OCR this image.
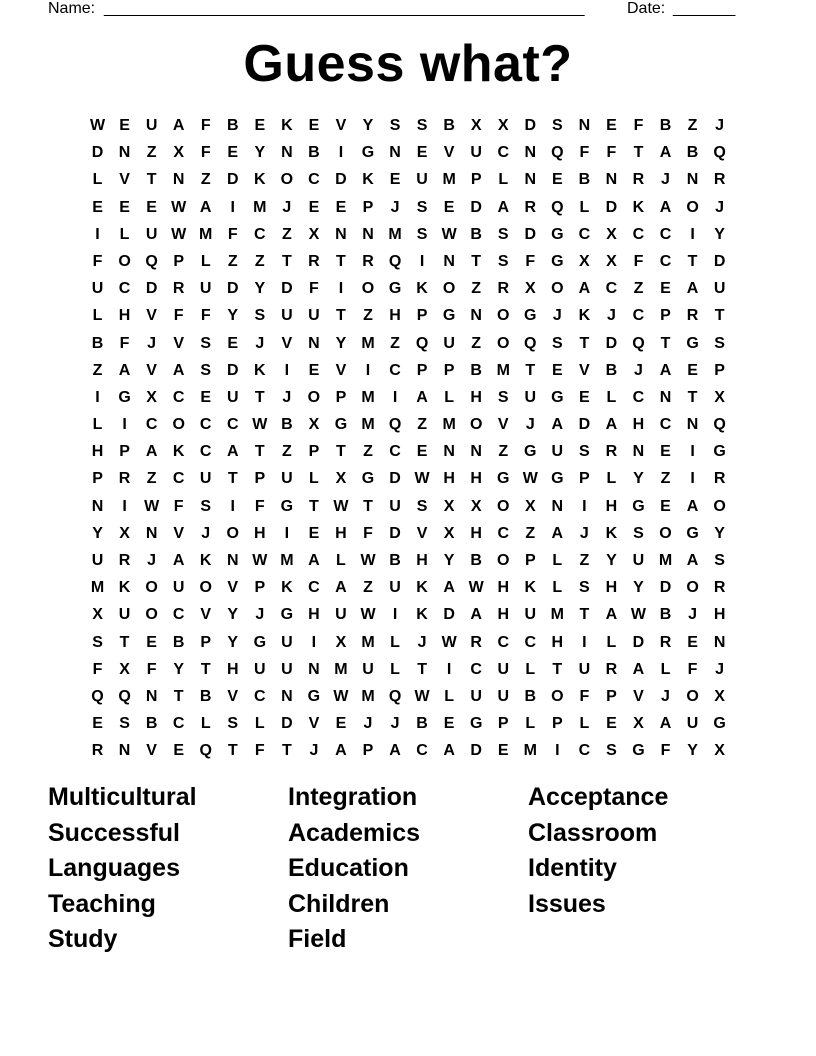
Name: ______________________________________________________	Date: _______
Guess what?
W E U A	F	B E K E	V	Y	S	S B X	X D S N E	F	B	Z	J
D N	Z	X	F	E	Y N B	I	G N E	V U C N Q F	F	T	A B Q
L	V	T	N	Z	D K O C D K E U M P	L	N E B N R	J	N R
E	E	E W A	I	M J	E	E	P	J	S	E D A R Q L	D K A O	J
I	L	U W M F	C	Z	X N N M S W B S D G C X C C	I	Y
F O Q P	L	Z	Z	T	R	T	R Q	I	N	T	S	F G X	X	F	C	T	D
U C D R U D Y D	F	I	O G K O Z	R X O A C	Z	E A U
L	H V	F	F	Y	S U U	T	Z	H P G N O G	J	K	J	C P R	T
B	F	J	V	S	E	J	V N Y M Z Q U	Z O Q S	T	D Q T G S
Z	A V A S D K	I	E	V	I	C P	P B M T	E	V B	J	A E	P
I	G X C E U	T	J	O P M	I	A	L	H S U G E	L	C N	T	X
L	I	C O C C W B X G M Q Z M O V	J	A D A H C N Q
H P A K C A	T	Z	P	T	Z	C E N N	Z G U S R N E	I	G
P R	Z	C U	T	P U	L	X G D W H H G W G P	L	Y	Z	I	R
N	I	W F	S	I	F G T W T	U S	X	X O X N	I	H G E A O
Y	X N V	J	O H	I	E H	F	D V	X H C	Z	A	J	K S O G Y
U R	J	A K N W M A	L W B H Y B O P	L	Z	Y U M A S
M K O U O V	P K C A	Z	U K A W H K	L	S H Y D O R
X U O C V	Y	J	G H U W	I	K D A H U M T	A W B	J	H
S	T	E B P	Y G U	I	X M L	J W R C C H	I	L	D R E N
F	X	F	Y	T	H U U N M U	L	T	I	C U	L	T	U R A	L	F	J
Q Q N	T	B V C N G W M Q W L	U U B O F	P	V	J	O X
E	S B C	L	S	L	D V	E	J	J	B E G P	L	P	L	E	X A U G
R N V	E Q T	F	T	J	A P A C A D E M	I	C S G F	Y	X
Multicultural
Successful
Languages
Teaching
Study
Integration
Academics
Education
Children
Field
Acceptance
Classroom
Identity
Issues
